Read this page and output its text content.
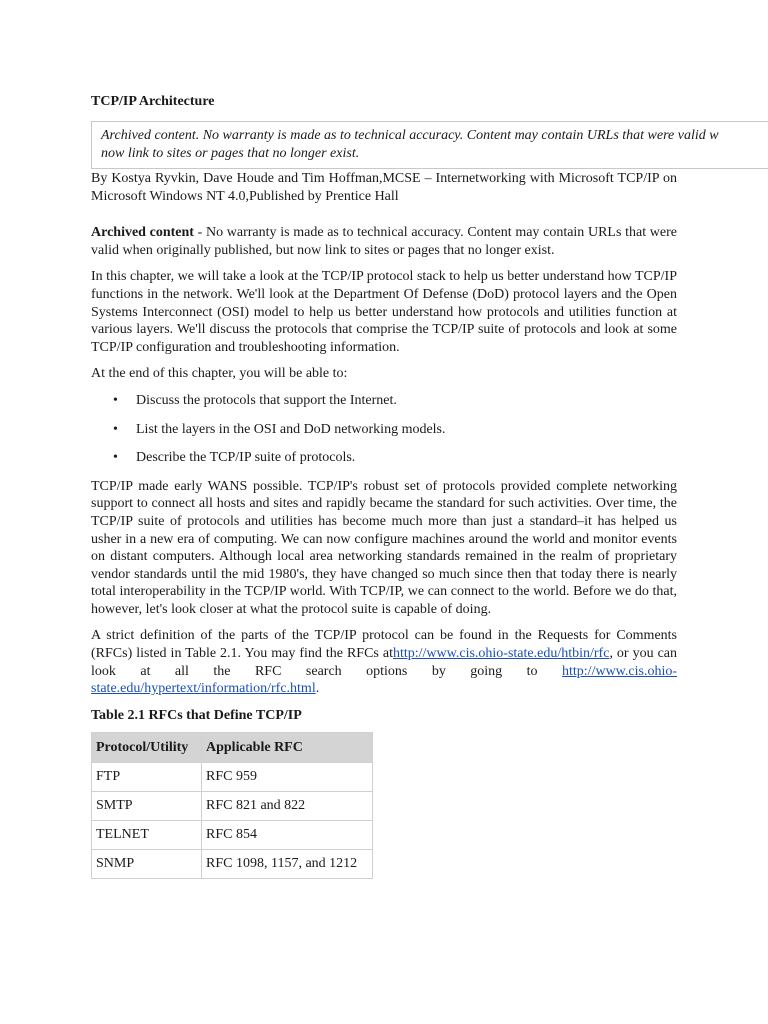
TCP/IP Architecture
Archived content. No warranty is made as to technical accuracy. Content may contain URLs that were valid w
now link to sites or pages that no longer exist.

By Kostya Ryvkin, Dave Houde and Tim Hoffman,MCSE – Internetworking with Microsoft TCP/IP on Microsoft Windows NT 4.0,Published by Prentice Hall

Archived content - No warranty is made as to technical accuracy. Content may contain URLs that were valid when originally published, but now link to sites or pages that no longer exist.

In this chapter, we will take a look at the TCP/IP protocol stack to help us better understand how TCP/IP functions in the network. We'll look at the Department Of Defense (DoD) protocol layers and the Open Systems Interconnect (OSI) model to help us better understand how protocols and utilities function at various layers. We'll discuss the protocols that comprise the TCP/IP suite of protocols and look at some TCP/IP configuration and troubleshooting information.

At the end of this chapter, you will be able to:

• Discuss the protocols that support the Internet.
• List the layers in the OSI and DoD networking models.
• Describe the TCP/IP suite of protocols.

TCP/IP made early WANS possible. TCP/IP's robust set of protocols provided complete networking support to connect all hosts and sites and rapidly became the standard for such activities. Over time, the TCP/IP suite of protocols and utilities has become much more than just a standard–it has helped us usher in a new era of computing. We can now configure machines around the world and monitor events on distant computers. Although local area networking standards remained in the realm of proprietary vendor standards until the mid 1980's, they have changed so much since then that today there is nearly total interoperability in the TCP/IP world. With TCP/IP, we can connect to the world. Before we do that, however, let's look closer at what the protocol suite is capable of doing.

A strict definition of the parts of the TCP/IP protocol can be found in the Requests for Comments (RFCs) listed in Table 2.1. You may find the RFCs athttp://www.cis.ohio-state.edu/htbin/rfc, or you can look at all the RFC search options by going to http://www.cis.ohio-state.edu/hypertext/information/rfc.html.

Table 2.1 RFCs that Define TCP/IP
Protocol/Utility	Applicable RFC
FTP	RFC 959
SMTP	RFC 821 and 822
TELNET	RFC 854
SNMP	RFC 1098, 1157, and 1212
